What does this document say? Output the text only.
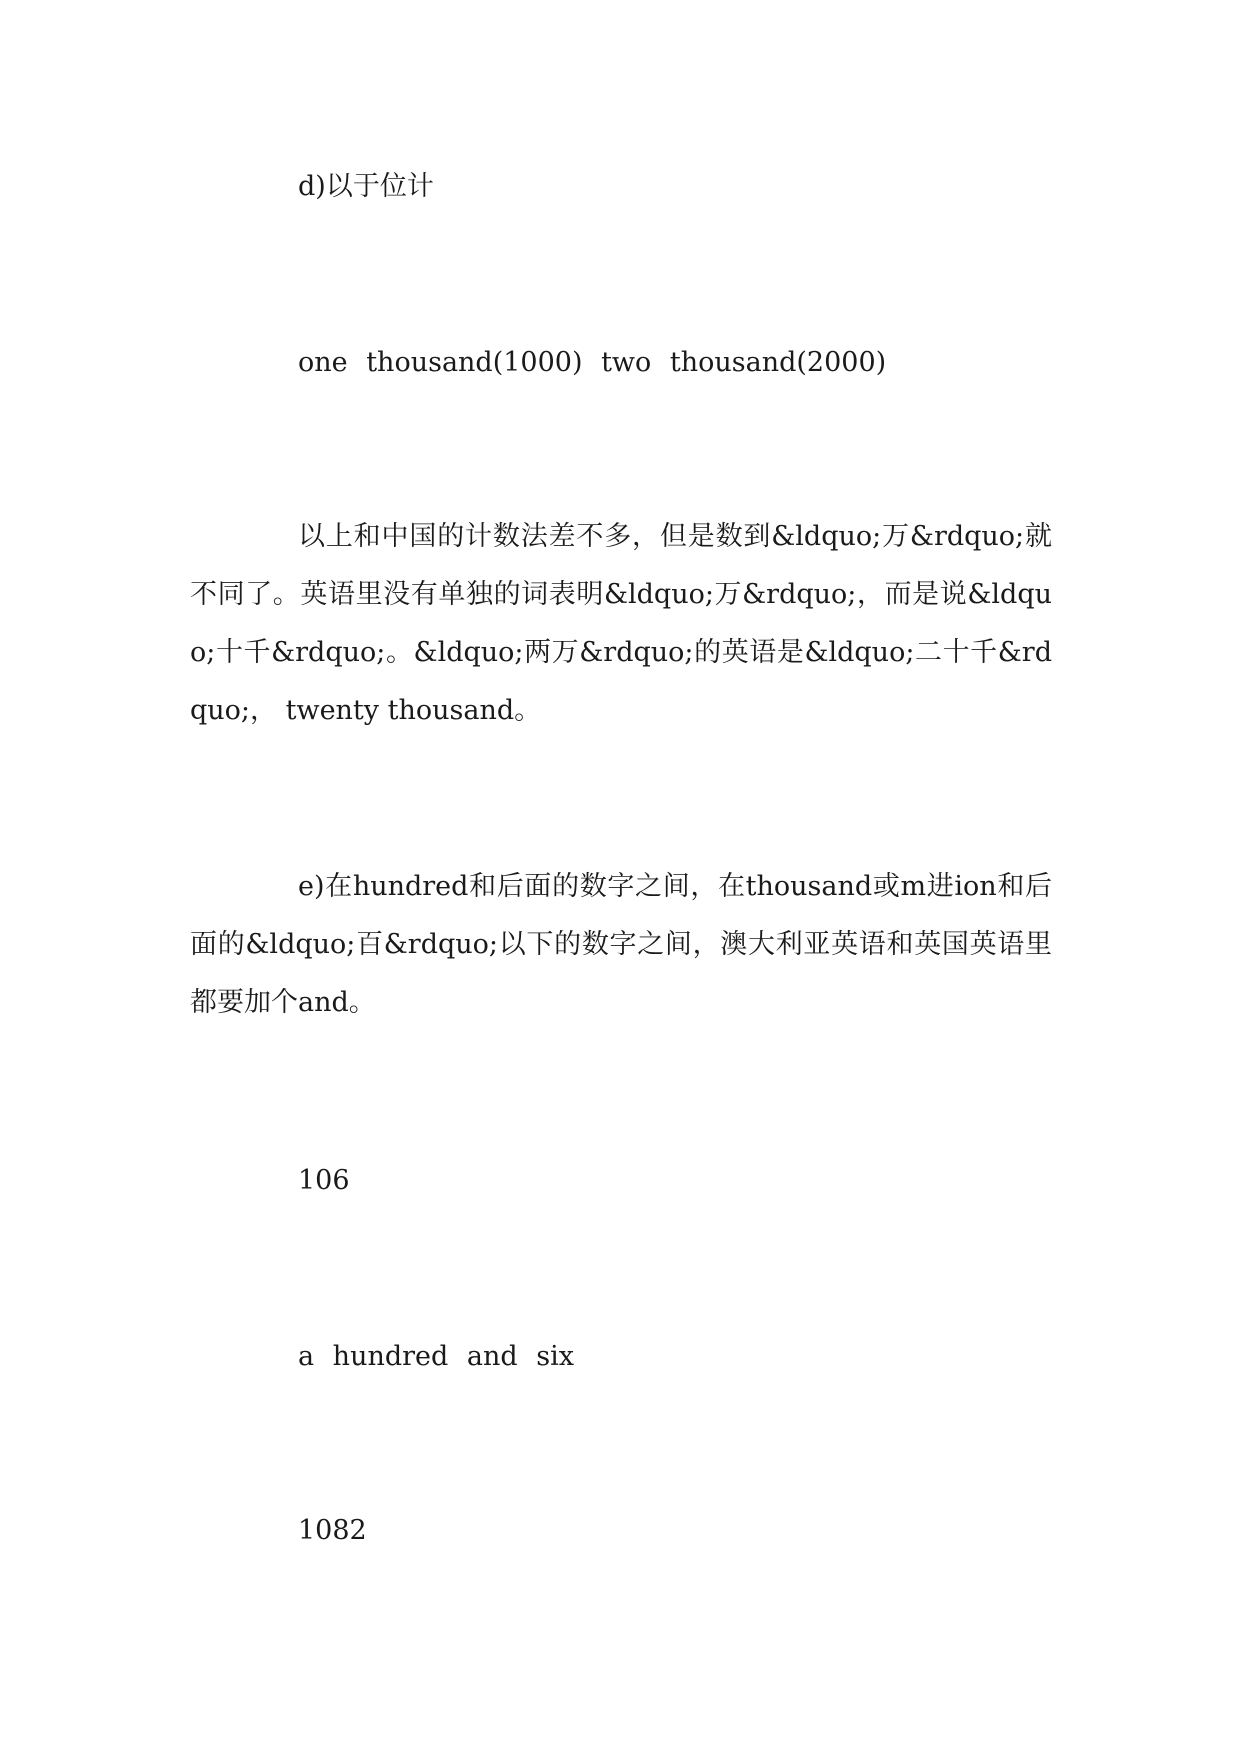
d)以于位计

one thousand(1000) two thousand(2000)

以上和中国的计数法差不多，但是数到&ldquo;万&rdquo;就不同了。英语里没有单独的词表明&ldquo;万&rdquo;，而是说&ldquo;十千&rdquo;。&ldquo;两万&rdquo;的英语是&ldquo;二十千&rdquo;， twenty thousand。

e)在hundred和后面的数字之间，在thousand或m进ion和后面的&ldquo;百&rdquo;以下的数字之间，澳大利亚英语和英国英语里都要加个and。

106

a hundred and six

1082
